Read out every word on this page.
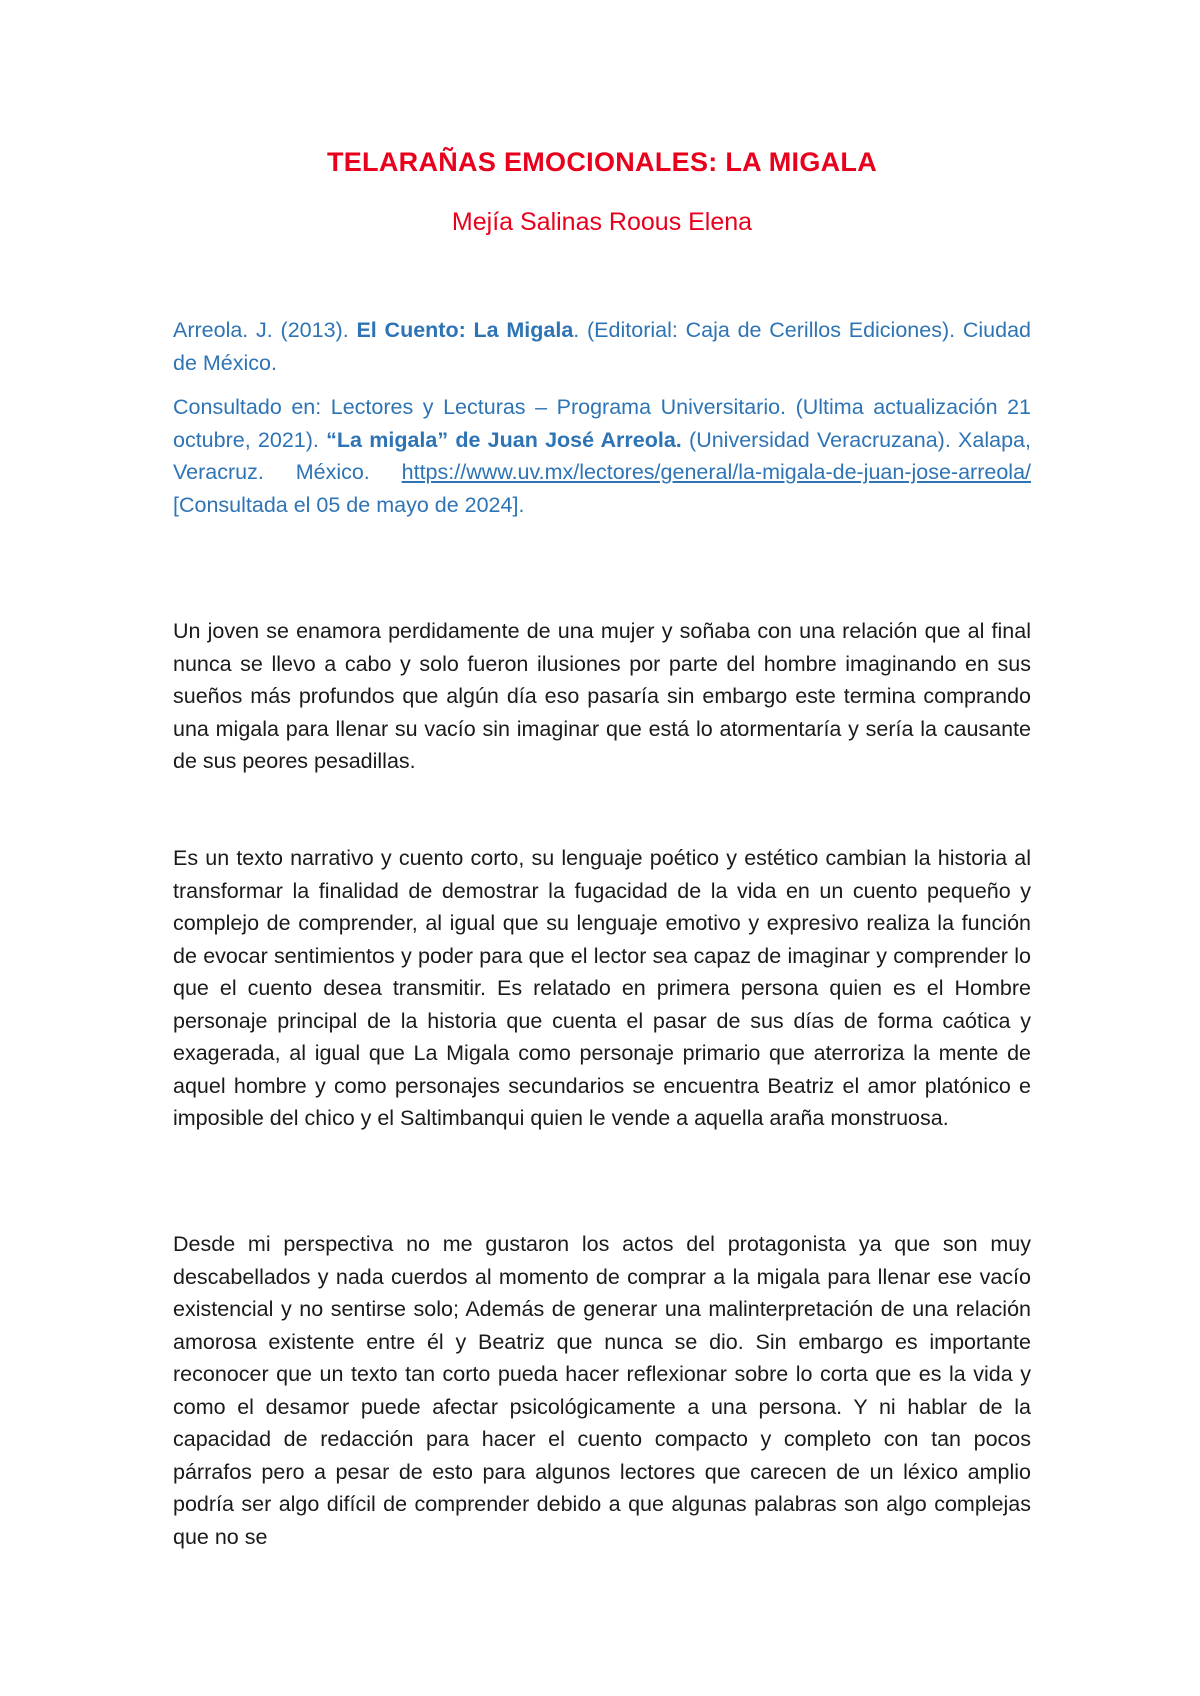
TELARAÑAS EMOCIONALES: LA MIGALA

Mejía Salinas Roous Elena

Arreola. J. (2013). El Cuento: La Migala. (Editorial: Caja de Cerillos Ediciones). Ciudad de México.

Consultado en: Lectores y Lecturas – Programa Universitario. (Ultima actualización 21 octubre, 2021). “La migala” de Juan José Arreola. (Universidad Veracruzana). Xalapa, Veracruz. México. https://www.uv.mx/lectores/general/la-migala-de-juan-jose-arreola/ [Consultada el 05 de mayo de 2024].

Un joven se enamora perdidamente de una mujer y soñaba con una relación que al final nunca se llevo a cabo y solo fueron ilusiones por parte del hombre imaginando en sus sueños más profundos que algún día eso pasaría sin embargo este termina comprando una migala para llenar su vacío sin imaginar que está lo atormentaría y sería la causante de sus peores pesadillas.

Es un texto narrativo y cuento corto, su lenguaje poético y estético cambian la historia al transformar la finalidad de demostrar la fugacidad de la vida en un cuento pequeño y complejo de comprender, al igual que su lenguaje emotivo y expresivo realiza la función de evocar sentimientos y poder para que el lector sea capaz de imaginar y comprender lo que el cuento desea transmitir. Es relatado en primera persona quien es el Hombre personaje principal de la historia que cuenta el pasar de sus días de forma caótica y exagerada, al igual que La Migala como personaje primario que aterroriza la mente de aquel hombre y como personajes secundarios se encuentra Beatriz el amor platónico e imposible del chico y el Saltimbanqui quien le vende a aquella araña monstruosa.

Desde mi perspectiva no me gustaron los actos del protagonista ya que son muy descabellados y nada cuerdos al momento de comprar a la migala para llenar ese vacío existencial y no sentirse solo; Además de generar una malinterpretación de una relación amorosa existente entre él y Beatriz que nunca se dio. Sin embargo es importante reconocer que un texto tan corto pueda hacer reflexionar sobre lo corta que es la vida y como el desamor puede afectar psicológicamente a una persona. Y ni hablar de la capacidad de redacción para hacer el cuento compacto y completo con tan pocos párrafos pero a pesar de esto para algunos lectores que carecen de un léxico amplio podría ser algo difícil de comprender debido a que algunas palabras son algo complejas que no se
